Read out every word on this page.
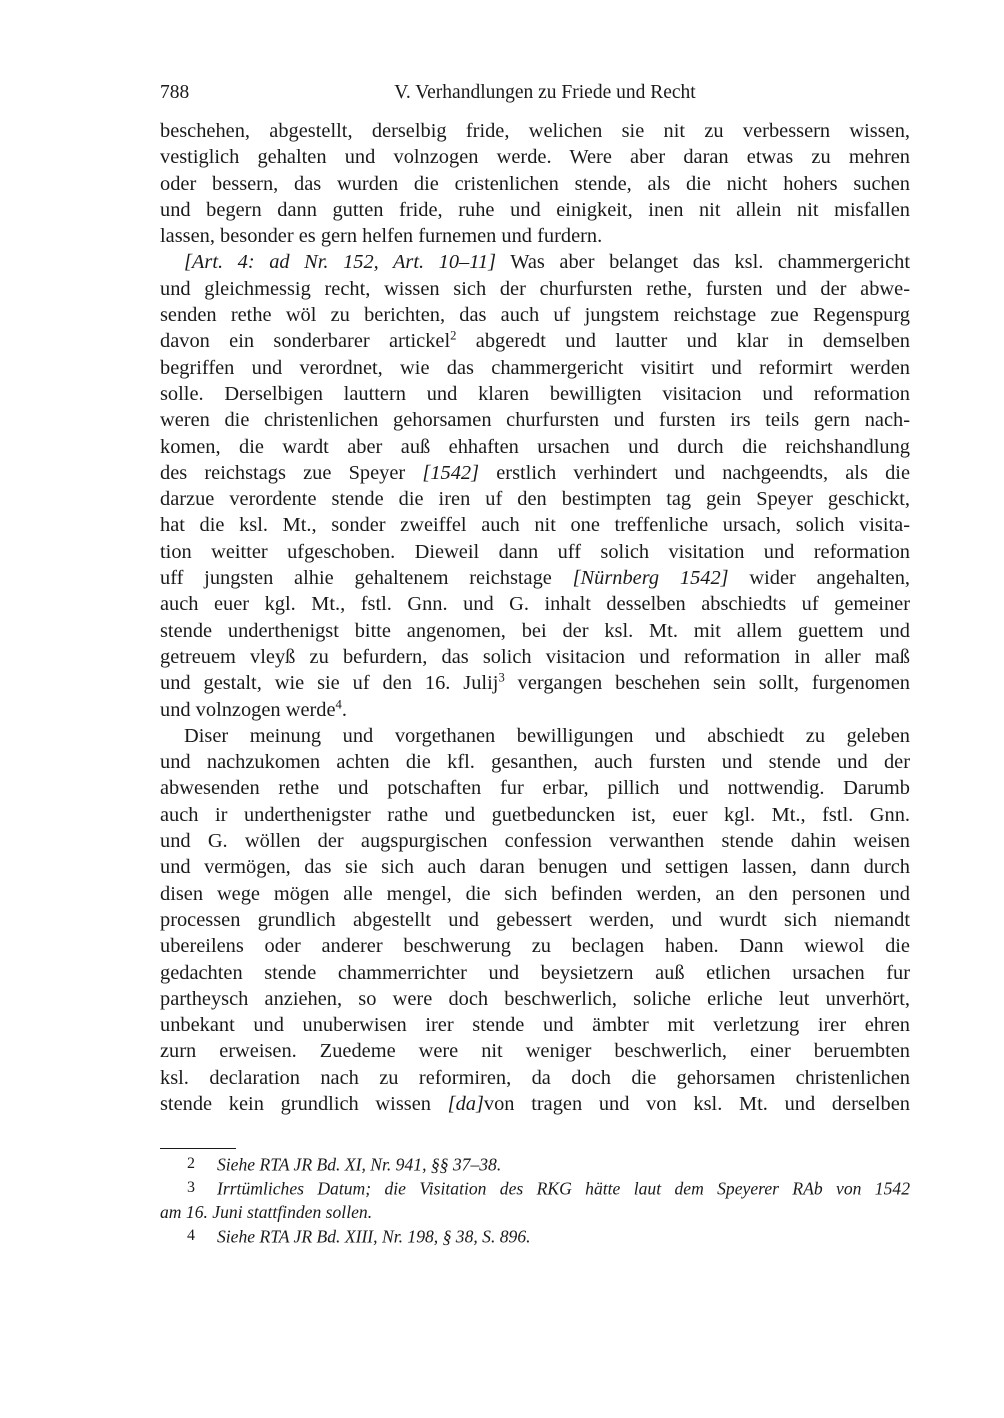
788	V. Verhandlungen zu Friede und Recht
beschehen, abgestellt, derselbig fride, welichen sie nit zu verbessern wissen,
vestiglich gehalten und volnzogen werde. Were aber daran etwas zu mehren
oder bessern, das wurden die cristenlichen stende, als die nicht hohers suchen
und begern dann gutten fride, ruhe und einigkeit, inen nit allein nit misfallen
lassen, besonder es gern helfen furnemen und furdern.
[Art. 4: ad Nr. 152, Art. 10–11] Was aber belanget das ksl. chammergericht
und gleichmessig recht, wissen sich der churfursten rethe, fursten und der abwe-
senden rethe wöl zu berichten, das auch uf jungstem reichstage zue Regenspurg
davon ein sonderbarer artickel$^2$ abgeredt und lautter und klar in demselben
begriffen und verordnet, wie das chammergericht visitirt und reformirt werden
solle. Derselbigen lauttern und klaren bewilligten visitacion und reformation
weren die christenlichen gehorsamen churfursten und fursten irs teils gern nach-
komen, die wardt aber auß ehhaften ursachen und durch die reichshandlung
des reichstags zue Speyer [1542] erstlich verhindert und nachgeendts, als die
darzue verordente stende die iren uf den bestimpten tag gein Speyer geschickt,
hat die ksl. Mt., sonder zweiffel auch nit one treffenliche ursach, solich visita-
tion weitter ufgeschoben. Dieweil dann uff solich visitation und reformation
uff jungsten alhie gehaltenem reichstage [Nürnberg 1542] wider angehalten,
auch euer kgl. Mt., fstl. Gnn. und G. inhalt desselben abschiedts uf gemeiner
stende underthenigst bitte angenomen, bei der ksl. Mt. mit allem guettem und
getreuem vleyß zu befurdern, das solich visitacion und reformation in aller maß
und gestalt, wie sie uf den 16. Julij$^3$ vergangen beschehen sein sollt, furgenomen
und volnzogen werde$^4$.
Diser meinung und vorgethanen bewilligungen und abschiedt zu geleben
und nachzukomen achten die kfl. gesanthen, auch fursten und stende und der
abwesenden rethe und potschaften fur erbar, pillich und nottwendig. Darumb
auch ir underthenigster rathe und guetbeduncken ist, euer kgl. Mt., fstl. Gnn.
und G. wöllen der augspurgischen confession verwanthen stende dahin weisen
und vermögen, das sie sich auch daran benugen und settigen lassen, dann durch
disen wege mögen alle mengel, die sich befinden werden, an den personen und
processen grundlich abgestellt und gebessert werden, und wurdt sich niemandt
ubereilens oder anderer beschwerung zu beclagen haben. Dann wiewol die
gedachten stende chammerrichter und beysietzern auß etlichen ursachen fur
partheysch anziehen, so were doch beschwerlich, soliche erliche leut unverhört,
unbekant und unuberwisen irer stende und ämbter mit verletzung irer ehren
zurn erweisen. Zuedeme were nit weniger beschwerlich, einer beruembten
ksl. declaration nach zu reformiren, da doch die gehorsamen christenlichen
stende kein grundlich wissen [da]von tragen und von ksl. Mt. und derselben
2 Siehe RTA JR Bd. XI, Nr. 941, §§ 37–38.
3 Irrtümliches Datum; die Visitation des RKG hätte laut dem Speyerer RAb von 1542
am 16. Juni stattfinden sollen.
4 Siehe RTA JR Bd. XIII, Nr. 198, § 38, S. 896.
